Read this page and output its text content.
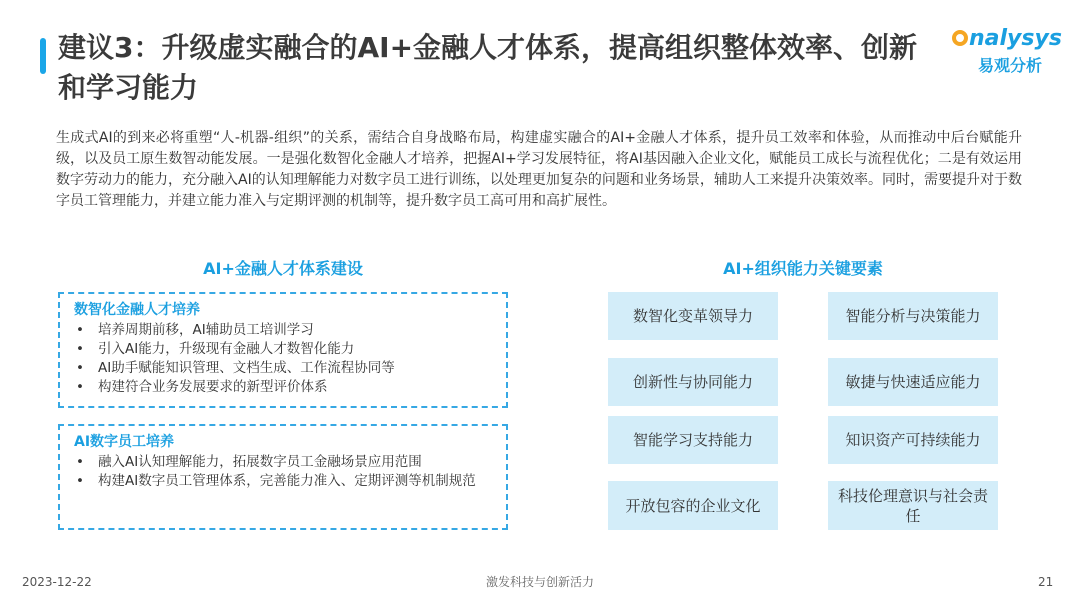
建议3：升级虚实融合的AI+金融人才体系，提高组织整体效率、创新和学习能力
nalysys
易观分析
生成式AI的到来必将重塑“人-机器-组织”的关系，需结合自身战略布局，构建虚实融合的AI+金融人才体系，提升员工效率和体验，从而推动中后台赋能升级，以及员工原生数智动能发展。一是强化数智化金融人才培养，把握AI+学习发展特征，将AI基因融入企业文化，赋能员工成长与流程优化；二是有效运用数字劳动力的能力，充分融入AI的认知理解能力对数字员工进行训练，以处理更加复杂的问题和业务场景，辅助人工来提升决策效率。同时，需要提升对于数字员工管理能力，并建立能力准入与定期评测的机制等，提升数字员工高可用和高扩展性。
AI+金融人才体系建设	AI+组织能力关键要素
数智化金融人才培养
• 培养周期前移，AI辅助员工培训学习
• 引入AI能力，升级现有金融人才数智化能力
• AI助手赋能知识管理、文档生成、工作流程协同等
• 构建符合业务发展要求的新型评价体系
AI数字员工培养
• 融入AI认知理解能力，拓展数字员工金融场景应用范围
• 构建AI数字员工管理体系，完善能力准入、定期评测等机制规范
数智化变革领导力	智能分析与决策能力
创新性与协同能力	敏捷与快速适应能力
智能学习支持能力	知识资产可持续能力
开放包容的企业文化
科技伦理意识与社会责任
2023-12-22	激发科技与创新活力	21
